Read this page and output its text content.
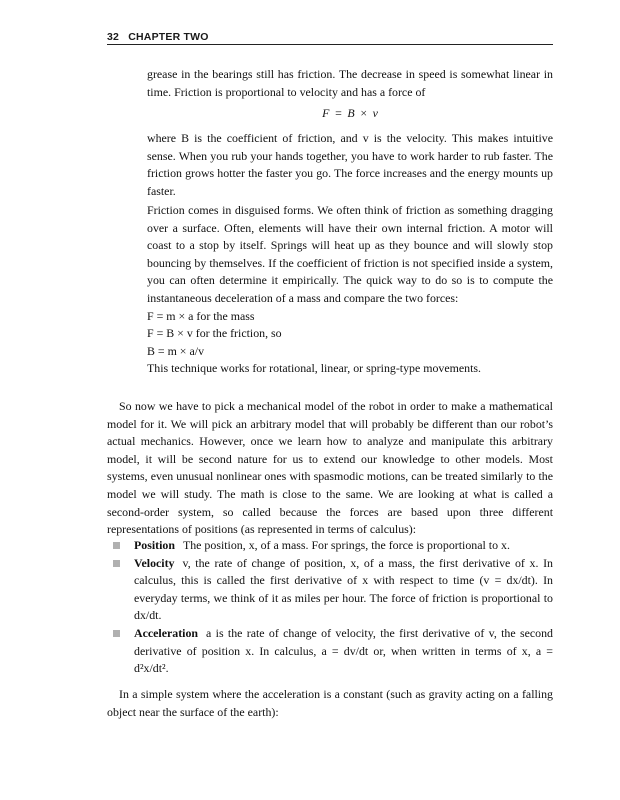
32 CHAPTER TWO

grease in the bearings still has friction. The decrease in speed is somewhat linear in time. Friction is proportional to velocity and has a force of

F = B × v

where B is the coefficient of friction, and v is the velocity. This makes intuitive sense. When you rub your hands together, you have to work harder to rub faster. The friction grows hotter the faster you go. The force increases and the energy mounts up faster.

Friction comes in disguised forms. We often think of friction as something dragging over a surface. Often, elements will have their own internal friction. A motor will coast to a stop by itself. Springs will heat up as they bounce and will slowly stop bouncing by themselves. If the coefficient of friction is not specified inside a system, you can often determine it empirically. The quick way to do so is to compute the instantaneous deceleration of a mass and compare the two forces:

F = m × a for the mass
F = B × v for the friction, so
B = m × a/v
This technique works for rotational, linear, or spring-type movements.

So now we have to pick a mechanical model of the robot in order to make a mathematical model for it. We will pick an arbitrary model that will probably be different than our robot’s actual mechanics. However, once we learn how to analyze and manipulate this arbitrary model, it will be second nature for us to extend our knowledge to other models. Most systems, even unusual nonlinear ones with spasmodic motions, can be treated similarly to the model we will study. The math is close to the same. We are looking at what is called a second-order system, so called because the forces are based upon three different representations of positions (as represented in terms of calculus):

Position The position, x, of a mass. For springs, the force is proportional to x.
Velocity v, the rate of change of position, x, of a mass, the first derivative of x. In calculus, this is called the first derivative of x with respect to time (v = dx/dt). In everyday terms, we think of it as miles per hour. The force of friction is proportional to dx/dt.
Acceleration a is the rate of change of velocity, the first derivative of v, the second derivative of position x. In calculus, a = dv/dt or, when written in terms of x, a = d²x/dt².

In a simple system where the acceleration is a constant (such as gravity acting on a falling object near the surface of the earth):
